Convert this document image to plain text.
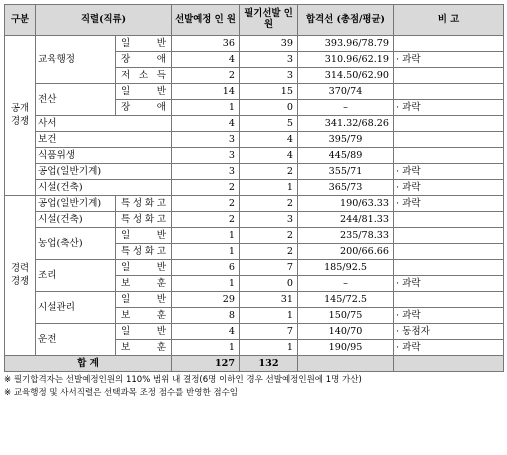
구분	직렬(직류)		선발예정 인 원	필기선발 인 원	합격선 (총점/평균)	비 고
공개 경쟁	교육행정	일 반	36	39	393.96/78.79	

		장 애	4	3	310.96/62.19	· 과락

		저 소 득	2	3	314.50/62.90	
	전산	일 반	14	15	370/74	

		장 애	1	0	–	· 과락
	사서		4	5	341.32/68.26	
	보건		3	4	395/79	
	식품위생		3	4	445/89	
	공업(일반기계)		3	2	355/71	· 과락
	시설(건축)		2	1	365/73	· 과락
경력 경쟁	공업(일반기계)	특 성 화 고	2	2	190/63.33	· 과락
	시설(건축)	특 성 화 고	2	3	244/81.33	
	농업(축산)	일 반	1	2	235/78.33	

		특 성 화 고	1	2	200/66.66	
	조리	일 반	6	7	185/92.5	

		보 훈	1	0	–	· 과락
	시설관리	일 반	29	31	145/72.5	

		보 훈	8	1	150/75	· 과락
	운전	일 반	4	7	140/70	· 동점자

		보 훈	1	1	190/95	· 과락
합 계			127	132		
※ 필기합격자는 선발예정인원의 110% 범위 내 결정(6명 이하인 경우 선발예정인원에 1명 가산)
※ 교육행정 및 사서직렬은 선택과목 조정 점수를 반영한 점수임
